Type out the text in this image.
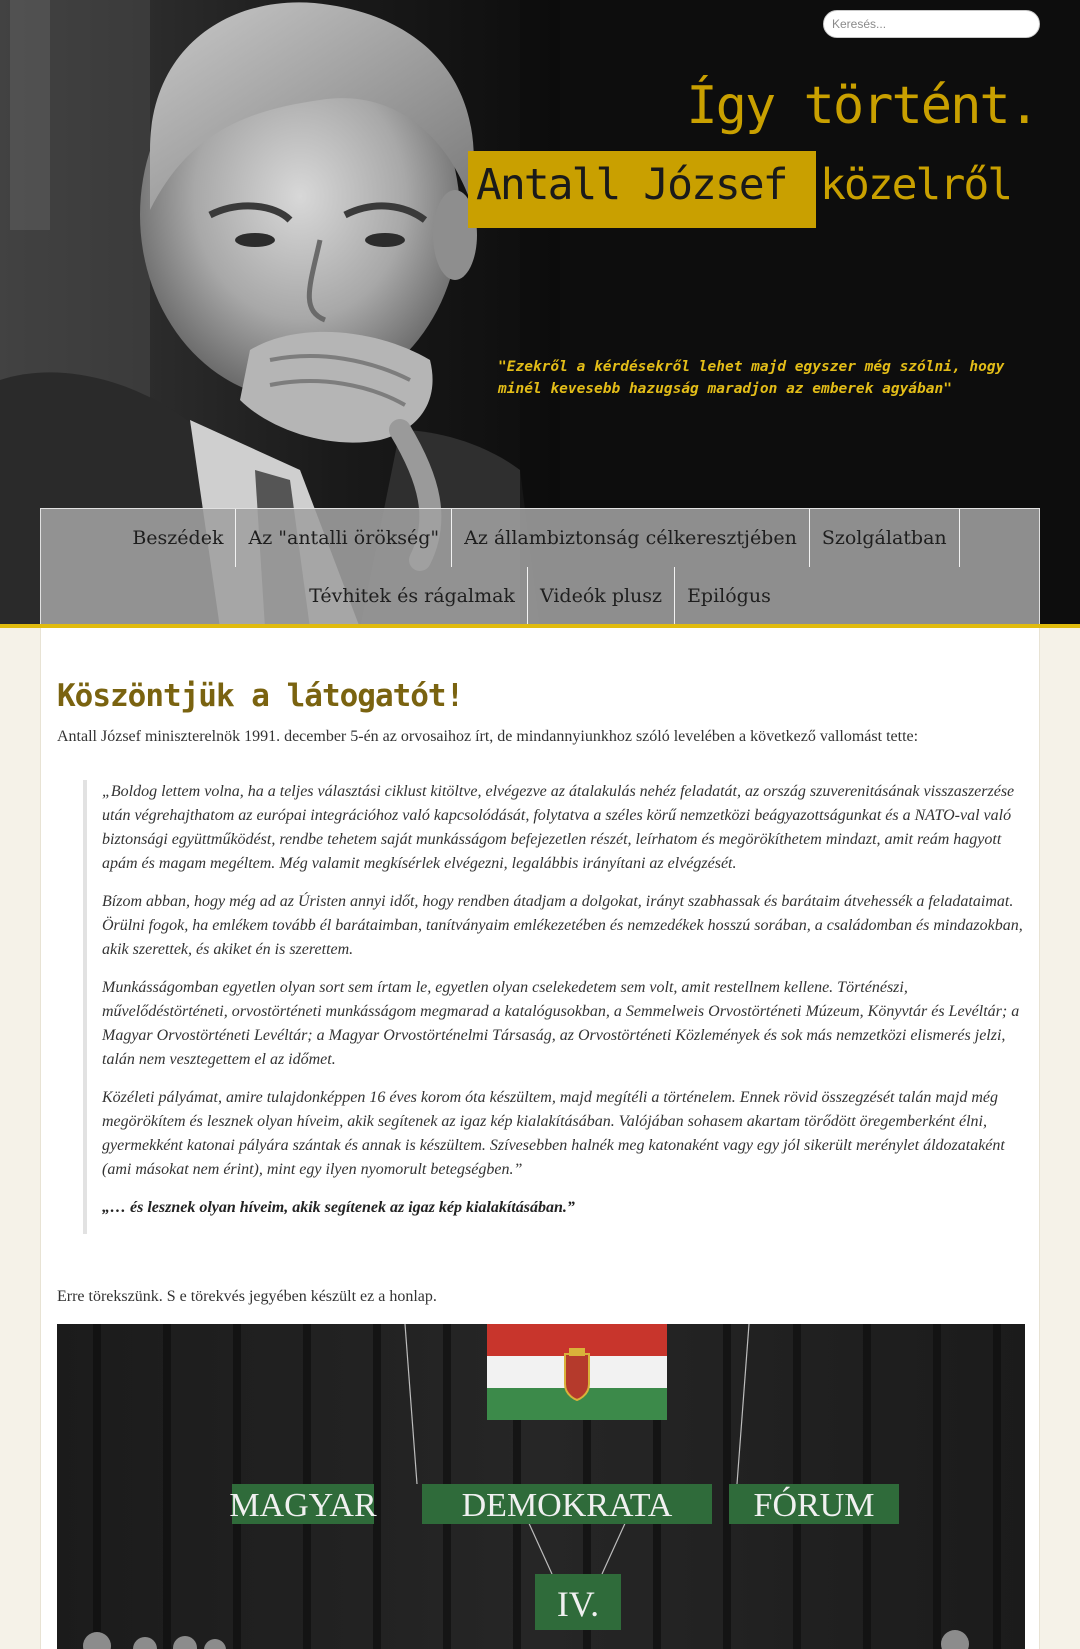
Keresés...
Így történt.
Antall József közelről
"Ezekről a kérdésekről lehet majd egyszer még szólni, hogy minél kevesebb hazugság maradjon az emberek agyában"
Beszédek	Az "antalli örökség"	Az állambiztonság célkeresztjében	Szolgálatban
Tévhitek és rágalmak	Videók plusz	Epilógus
Köszöntjük a látogatót!

Antall József miniszterelnök 1991. december 5-én az orvosaihoz írt, de mindannyiunkhoz szóló levelében a következő vallomást tette:

„Boldog lettem volna, ha a teljes választási ciklust kitöltve, elvégezve az átalakulás nehéz feladatát, az ország szuverenitásának visszaszerzése után végrehajthatom az európai integrációhoz való kapcsolódását, folytatva a széles körű nemzetközi beágyazottságunkat és a NATO-val való biztonsági együttműködést, rendbe tehetem saját munkásságom befejezetlen részét, leírhatom és megörökíthetem mindazt, amit reám hagyott apám és magam megéltem. Még valamit megkísérlek elvégezni, legalábbis irányítani az elvégzését.

Bízom abban, hogy még ad az Úristen annyi időt, hogy rendben átadjam a dolgokat, irányt szabhassak és barátaim átvehessék a feladataimat. Örülni fogok, ha emlékem tovább él barátaimban, tanítványaim emlékezetében és nemzedékek hosszú sorában, a családomban és mindazokban, akik szerettek, és akiket én is szerettem.

Munkásságomban egyetlen olyan sort sem írtam le, egyetlen olyan cselekedetem sem volt, amit restellnem kellene. Történészi, művelődéstörténeti, orvostörténeti munkásságom megmarad a katalógusokban, a Semmelweis Orvostörténeti Múzeum, Könyvtár és Levéltár; a Magyar Orvostörténeti Levéltár; a Magyar Orvostörténelmi Társaság, az Orvostörténeti Közlemények és sok más nemzetközi elismerés jelzi, talán nem vesztegettem el az időmet.

Közéleti pályámat, amire tulajdonképpen 16 éves korom óta készültem, majd megítéli a történelem. Ennek rövid összegzését talán majd még megörökítem és lesznek olyan híveim, akik segítenek az igaz kép kialakításában. Valójában sohasem akartam törődött öregemberként élni, gyermekként katonai pályára szántak és annak is készültem. Szívesebben halnék meg katonaként vagy egy jól sikerült merénylet áldozataként (ami másokat nem érint), mint egy ilyen nyomorult betegségben.”

„… és lesznek olyan híveim, akik segítenek az igaz kép kialakításában.”

Erre törekszünk. S e törekvés jegyében készült ez a honlap.

MAGYAR DEMOKRATA FÓRUM
IV.
